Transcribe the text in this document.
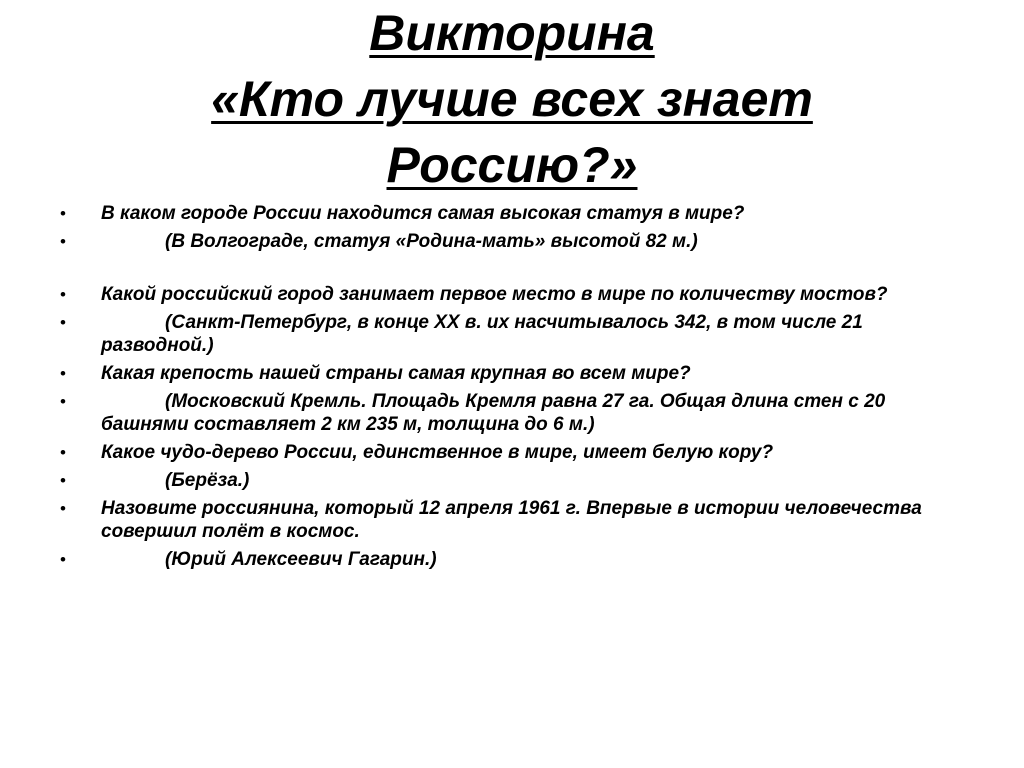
Викторина
«Кто лучше всех знает
Россию?»
• В каком городе России находится самая высокая статуя в мире?
•	(В Волгограде, статуя «Родина-мать» высотой 82 м.)
• Какой российский город занимает первое место в мире по количеству мостов?
•	(Санкт-Петербург, в конце XX в. их насчитывалось 342, в том числе 21 разводной.)
• Какая крепость нашей страны самая крупная во всем мире?
•	(Московский Кремль. Площадь Кремля равна 27 га. Общая длина стен с 20 башнями составляет 2 км 235 м, толщина до 6 м.)
• Какое чудо-дерево России, единственное в мире, имеет белую кору?
•	(Берёза.)
• Назовите россиянина, который 12 апреля 1961 г. Впервые в истории человечества совершил полёт в космос.
•	(Юрий Алексеевич Гагарин.)
